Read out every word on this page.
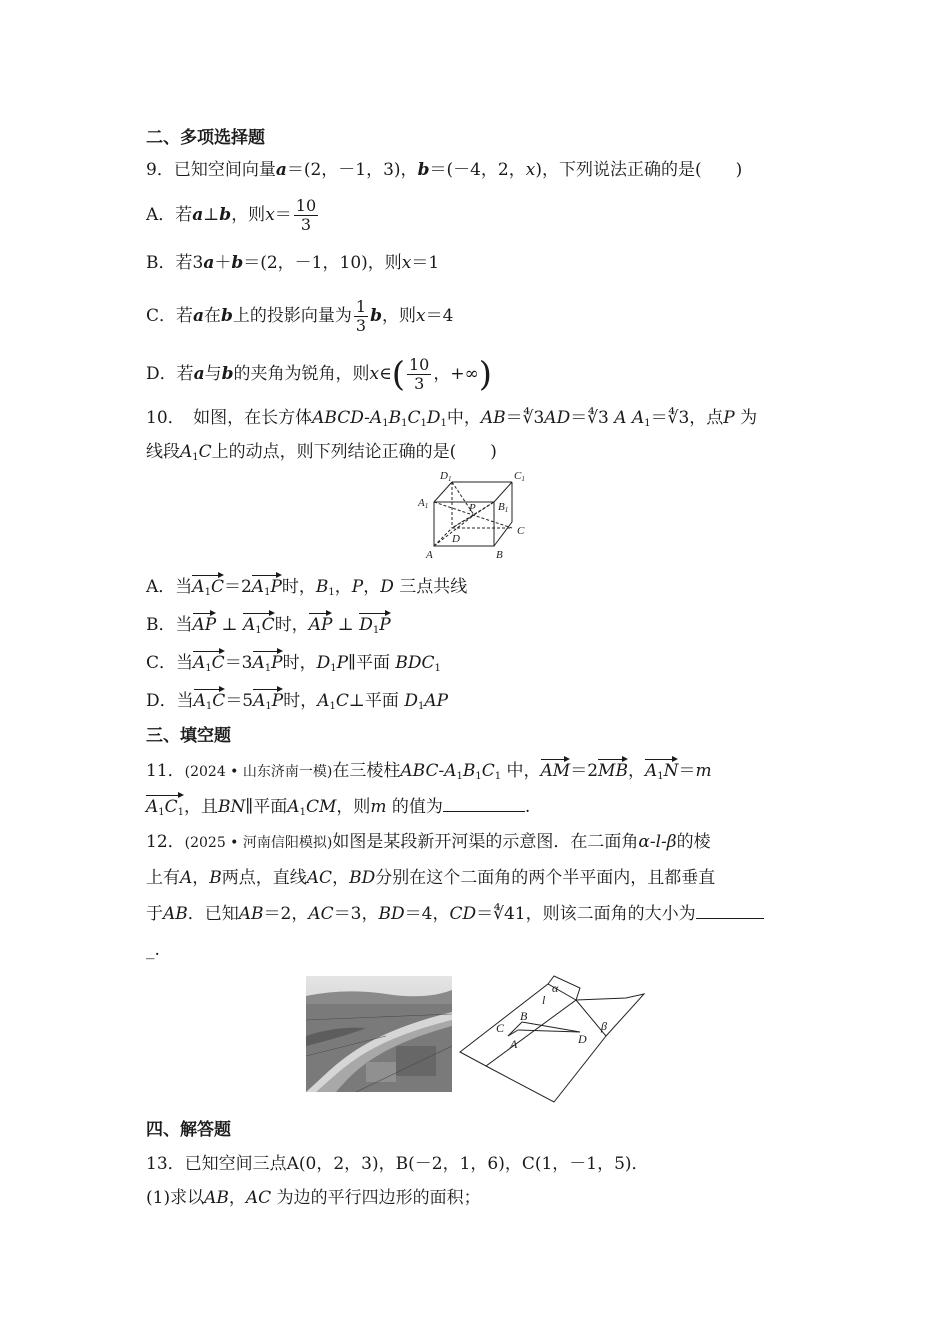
二、多项选择题
9．已知空间向量a＝(2，－1，3)，b＝(－4，2，x)，下列说法正确的是(　　)
A．若a⊥b，则$x= \frac{10}{3}$
B．若3a＋b＝(2，－1，10)，则x＝1
C．若a在b上的投影向量为 $\frac{1}{3}$ b，则x＝4
D．若a与b的夹角为锐角，则x∈( $\frac{10}{3}$ ，+∞)
10．　如图，在长方体ABCD-$A_1B_1C_1D_1$中，AB＝∜3AD＝∜3 A $A_1=∜3$，点P 为
线段$A_1C$上的动点，则下列结论正确的是(　　)
D1	C1
A1	P B1
D
C
A	B
A．当$A_1C=2A_1P$时，$B_1$，P，D 三点共线
B．当AP ⊥ $A_1C$时，AP ⊥ $D_1P$
C．当$A_1C=3A_1P$时，$D_1P\parallel$平面 $BDC_1$
D．当$A_1C=5A_1P$时，$A_1C\perp$平面 $D_1AP$
三、填空题
11．(2024 • 山东济南一模)在三棱柱ABC-$A_1B_1C_1$ 中，AM＝2MB，$A_1N=m$
$A_1C_1$，且BN∥平面$A_1CM$，则m 的值为	.
12．(2025 • 河南信阳模拟)如图是某段新开河渠的示意图．在二面角α-l-β的棱
上有A，B两点，直线AC，BD分别在这个二面角的两个半平面内，且都垂直
于AB．已知AB＝2，AC＝3，BD＝4，CD＝∜41，则该二面角的大小为
_.
α
l
B
β
C
A	D
四、解答题
13．已知空间三点A(0，2，3)，B(－2，1，6)，C(1，－1，5)．
(1)求以AB，AC 为边的平行四边形的面积；
